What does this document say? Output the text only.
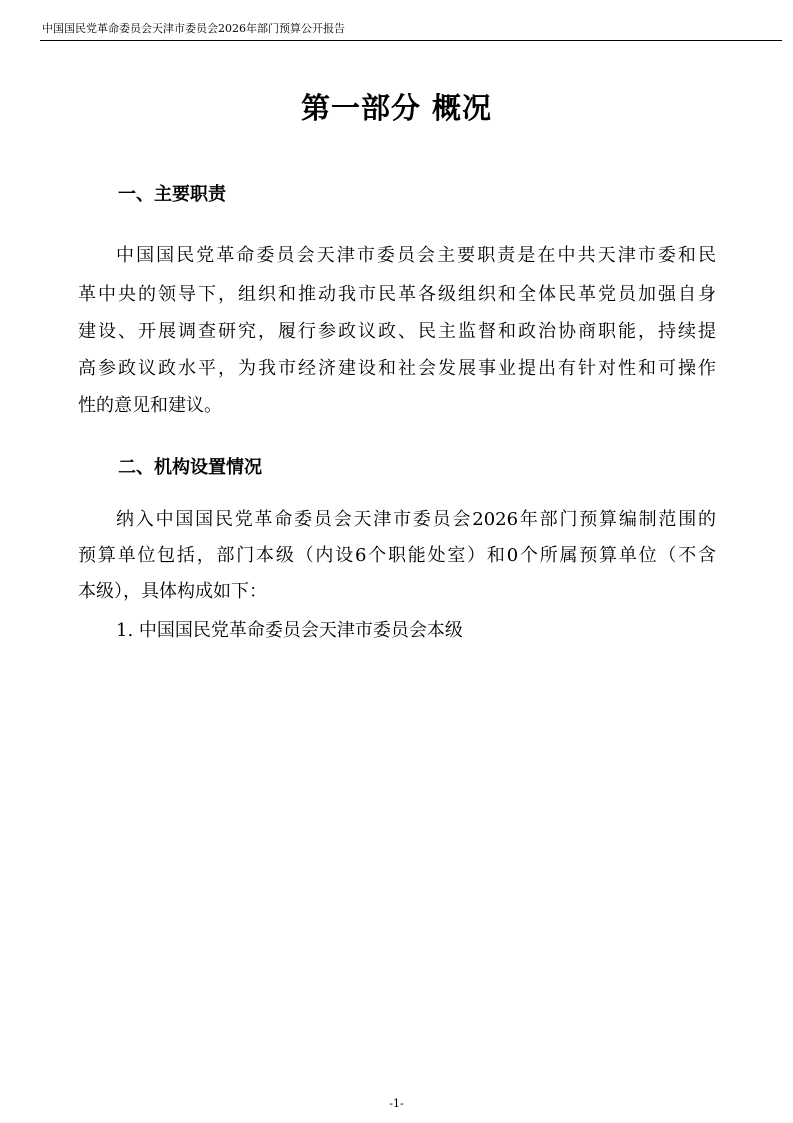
中国国民党革命委员会天津市委员会2026年部门预算公开报告
第一部分 概况
一、主要职责
中国国民党革命委员会天津市委员会主要职责是在中共天津市委和民
革中央的领导下，组织和推动我市民革各级组织和全体民革党员加强自身
建设、开展调查研究，履行参政议政、民主监督和政治协商职能，持续提
高参政议政水平，为我市经济建设和社会发展事业提出有针对性和可操作
性的意见和建议。
二、机构设置情况
纳入中国国民党革命委员会天津市委员会2026年部门预算编制范围的
预算单位包括，部门本级（内设6个职能处室）和0个所属预算单位（不含
本级），具体构成如下：
1. 中国国民党革命委员会天津市委员会本级
-1-
